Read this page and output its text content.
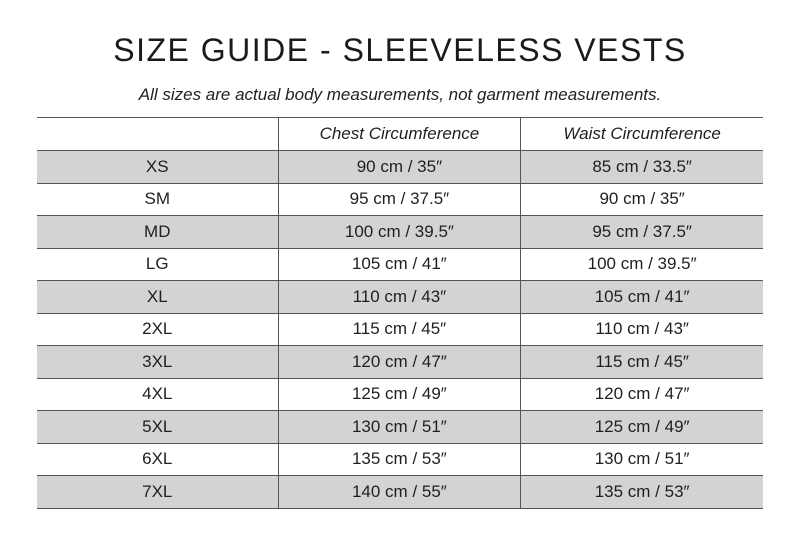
SIZE GUIDE - SLEEVELESS VESTS

All sizes are actual body measurements, not garment measurements.

	Chest Circumference	Waist Circumference
XS	90 cm / 35″	85 cm / 33.5″
SM	95 cm / 37.5″	90 cm / 35″
MD	100 cm / 39.5″	95 cm / 37.5″
LG	105 cm / 41″	100 cm / 39.5″
XL	110 cm / 43″	105 cm / 41″
2XL	115 cm / 45″	110 cm / 43″
3XL	120 cm / 47″	115 cm / 45″
4XL	125 cm / 49″	120 cm / 47″
5XL	130 cm / 51″	125 cm / 49″
6XL	135 cm / 53″	130 cm / 51″
7XL	140 cm / 55″	135 cm / 53″
